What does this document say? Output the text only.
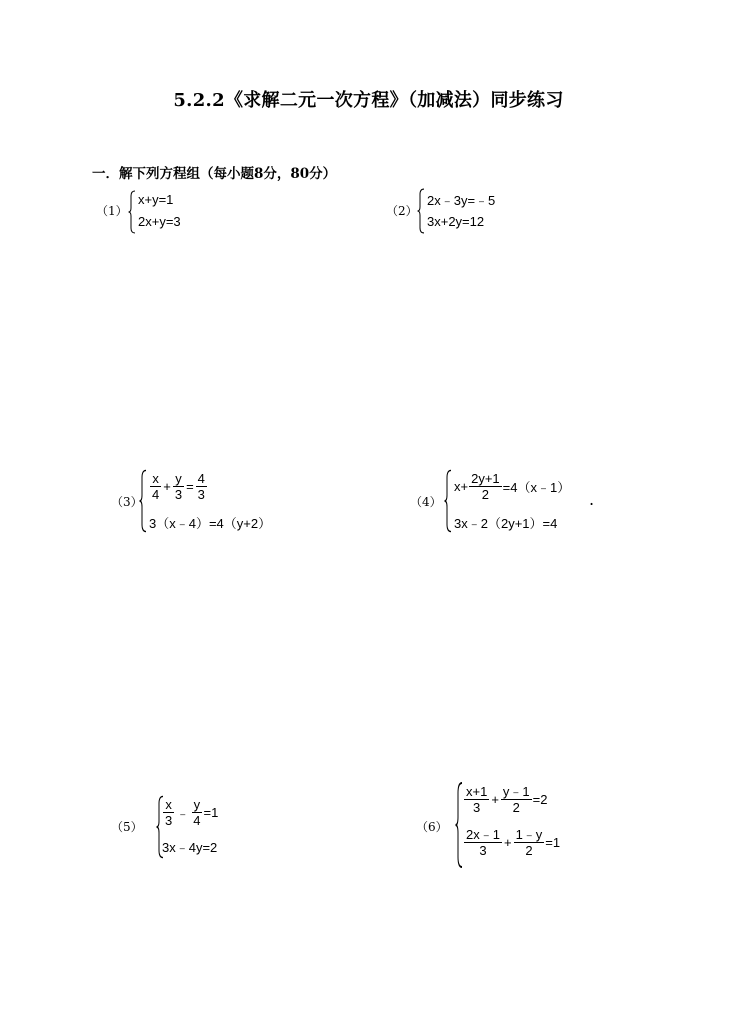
5.2.2《求解二元一次方程》（加减法）同步练习
一．解下列方程组（每小题8分，80分）
（1）
x+y=1
2x+y=3
（2）
2x﹣3y=﹣5
3x+2y=12
$(3) \frac{x}{4} + \frac{y}{3} = \frac{4}{3}$
3（x﹣4）=4（y+2）
（4）
$x+ \frac{2y+1}{2}$ =4（x﹣1）
3x﹣2（2y+1）=4
.
$(5) \frac{x}{3}$ ﹣ $\frac{y}{4} =1$
3x﹣4y=2
（6）
$\frac{x+1}{3} + \frac{y﹣1}{2} =2$
$\frac{2x﹣1}{3} + \frac{1﹣y}{2} =1$
